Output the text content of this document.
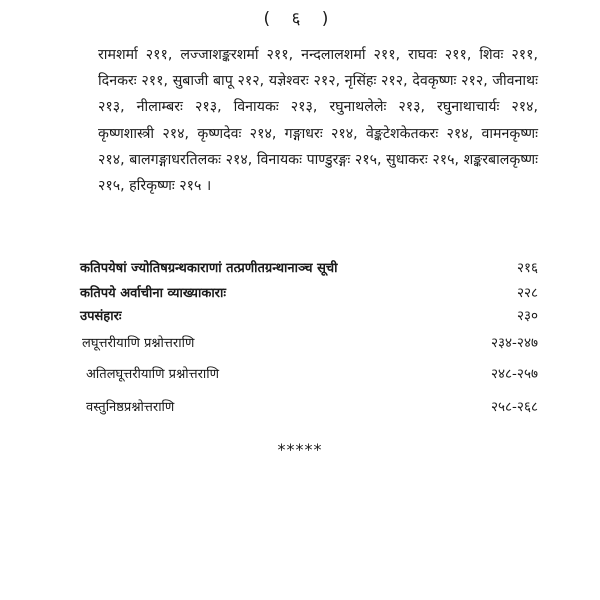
( ६ )
रामशर्मा २११, लज्जाशङ्करशर्मा २११, नन्दलालशर्मा २११, राघवः २११, शिवः २११, दिनकरः २११, सुबाजी बापू २१२, यज्ञेश्वरः २१२, नृसिंहः २१२, देवकृष्णः २१२, जीवनाथः २१३, नीलाम्बरः २१३, विनायकः २१३, रघुनाथलेलेः २१३, रघुनाथाचार्यः २१४, कृष्णशास्त्री २१४, कृष्णदेवः २१४, गङ्गाधरः २१४, वेङ्कटेशकेतकरः २१४, वामनकृष्णः २१४, बालगङ्गाधरतिलकः २१४, विनायकः पाण्डुरङ्गः २१५, सुधाकरः २१५, शङ्करबालकृष्णः २१५, हरिकृष्णः २१५ ।
कतिपयेषां ज्योतिषग्रन्थकाराणां तत्प्रणीतग्रन्थानाञ्च सूची	२१६
कतिपये अर्वाचीना व्याख्याकाराः	२२८
उपसंहारः	२३०
लघूत्तरीयाणि प्रश्नोत्तराणि	२३४-२४७
अतिलघूत्तरीयाणि प्रश्नोत्तराणि	२४८-२५७
वस्तुनिष्ठप्रश्नोत्तराणि	२५८-२६८
*****
